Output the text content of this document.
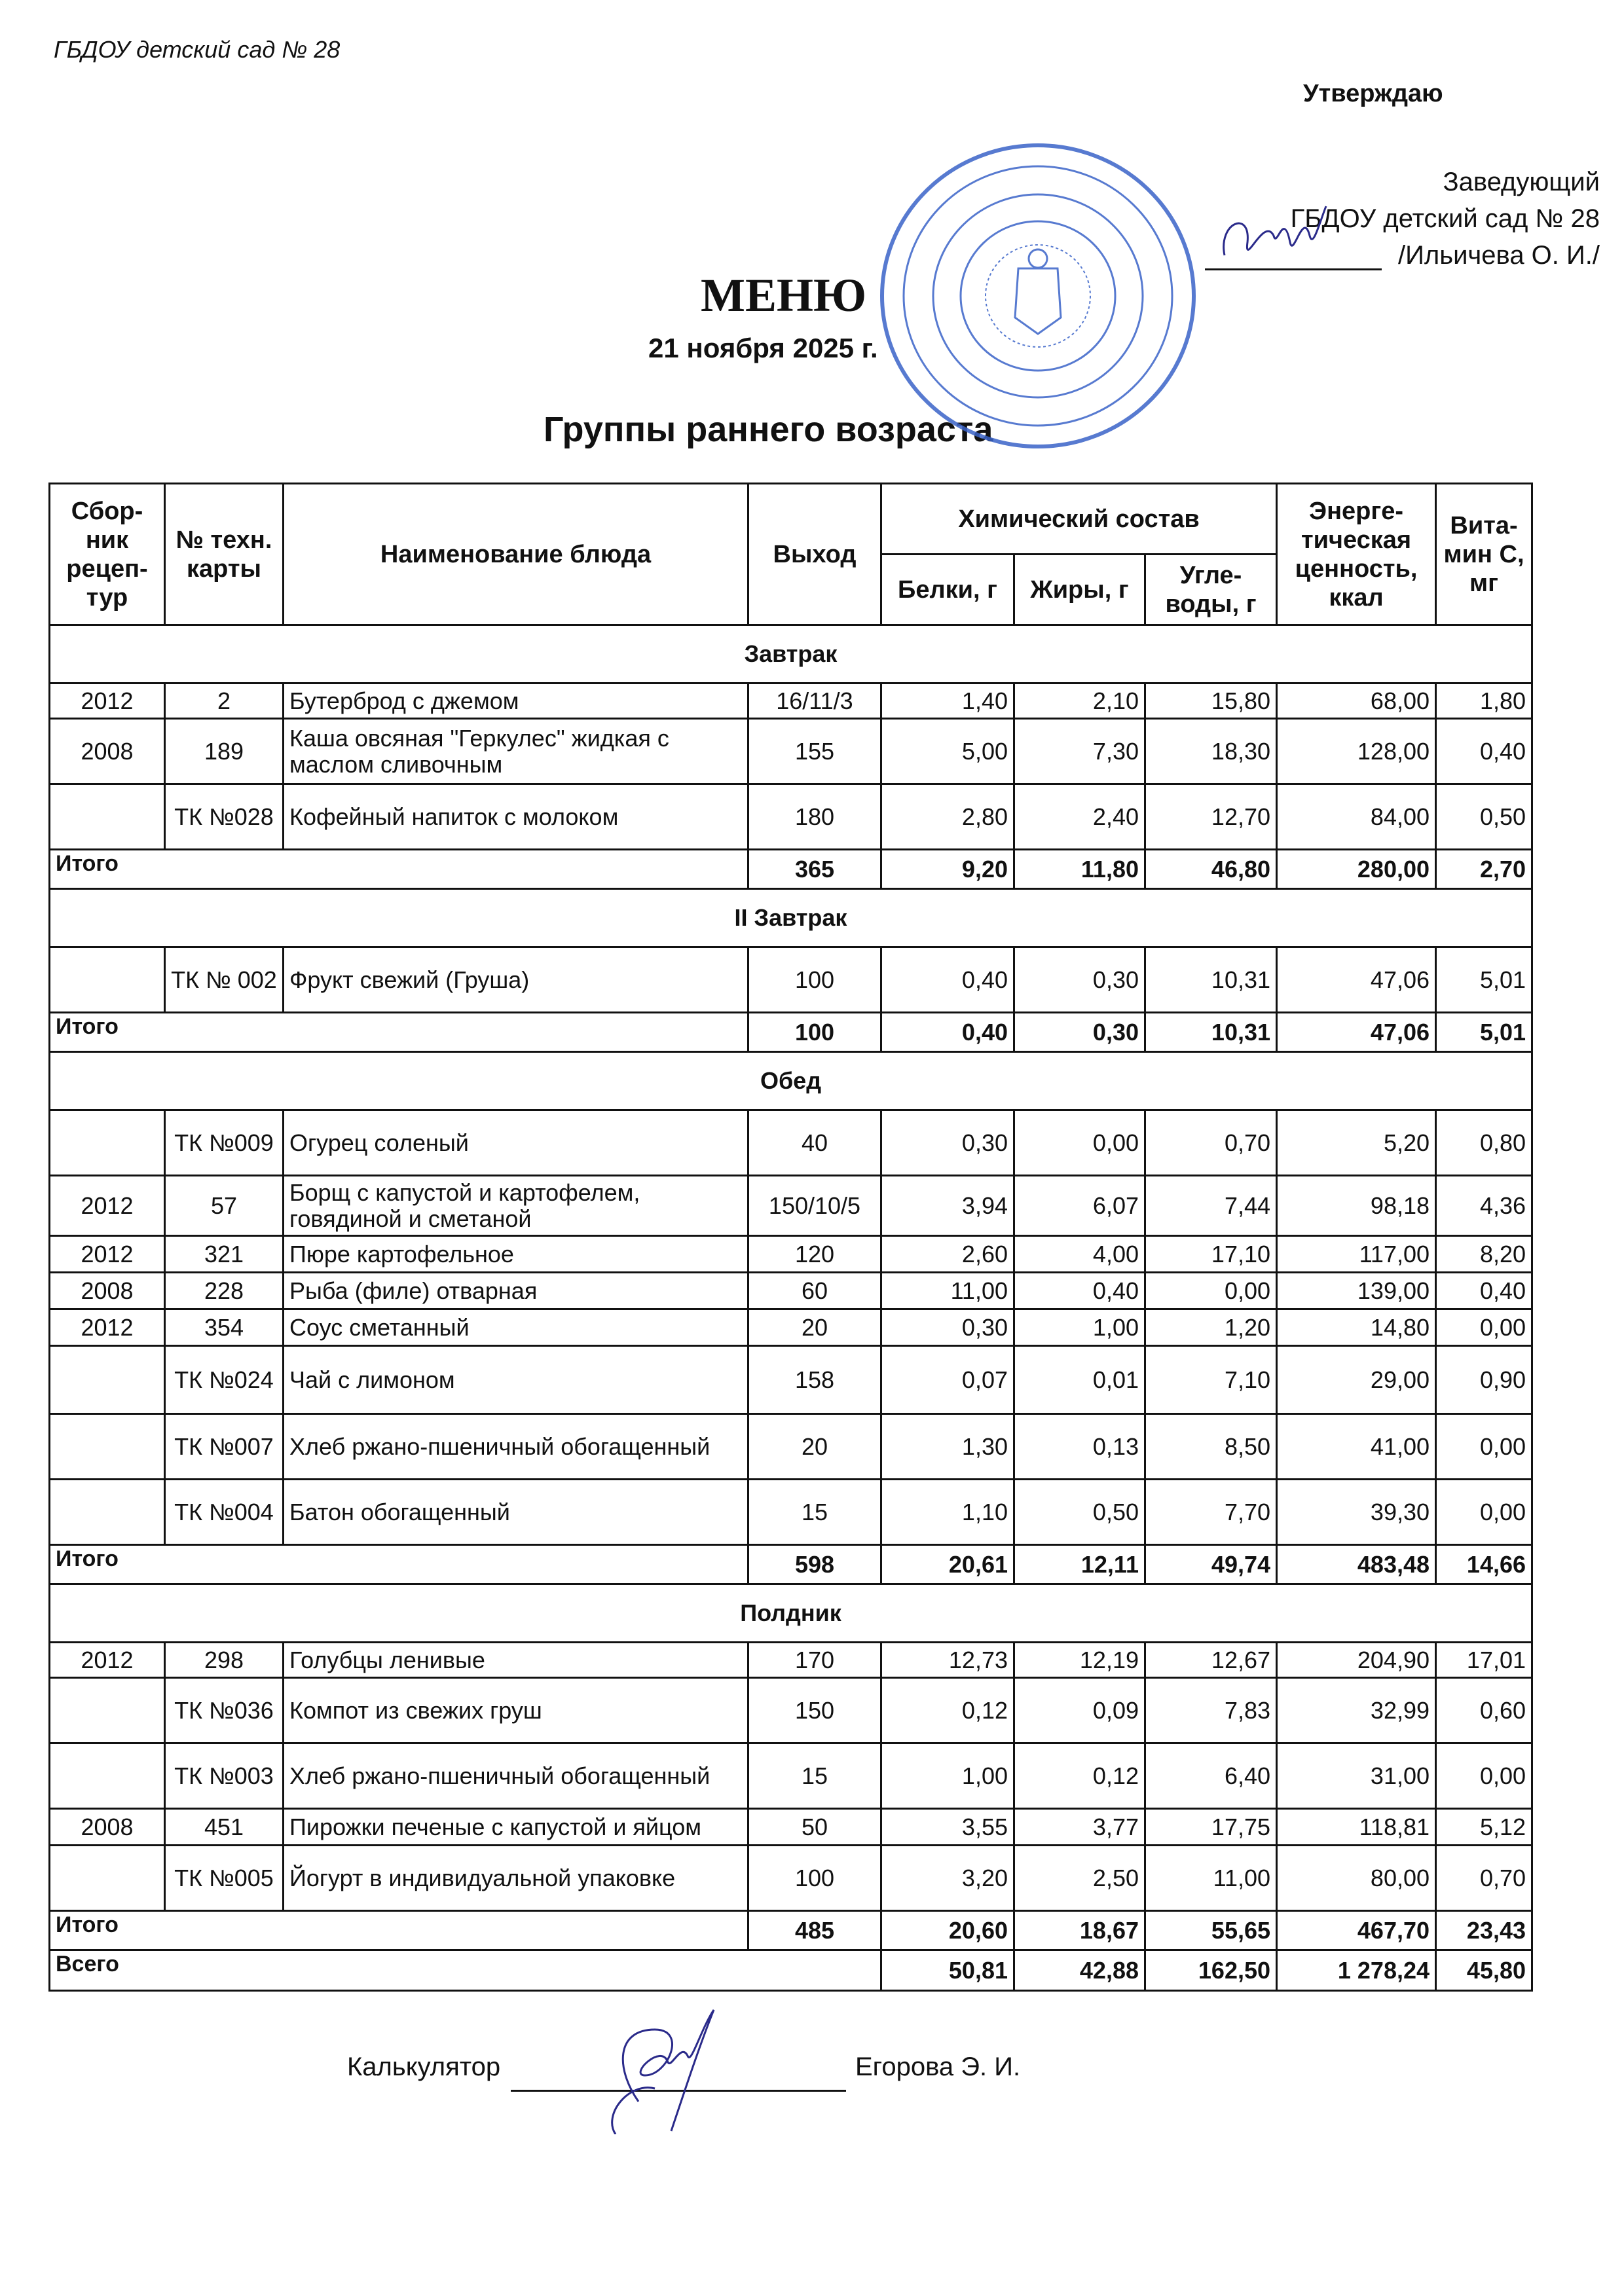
ГБДОУ детский сад № 28
Утверждаю
Заведующий
ГБДОУ детский сад № 28
/Ильичева О. И./
МЕНЮ
21 ноября 2025 г.
Группы раннего возраста
Сбор-ник рецеп-тур	№ техн. карты	Наименование блюда	Выход	Химический состав			Энерге-тическая ценность, ккал	Вита-мин С, мг
				Белки, г	Жиры, г	Угле-воды, г		
Завтрак								
2012	2	Бутерброд с джемом	16/11/3	1,40	2,10	15,80	68,00	1,80
2008	189	Каша овсяная "Геркулес" жидкая с маслом сливочным	155	5,00	7,30	18,30	128,00	0,40
	ТК №028	Кофейный напиток с молоком	180	2,80	2,40	12,70	84,00	0,50
Итого			365	9,20	11,80	46,80	280,00	2,70
II Завтрак								
	ТК № 002	Фрукт свежий (Груша)	100	0,40	0,30	10,31	47,06	5,01
Итого			100	0,40	0,30	10,31	47,06	5,01
Обед								
	ТК №009	Огурец соленый	40	0,30	0,00	0,70	5,20	0,80
2012	57	Борщ с капустой и картофелем, говядиной и сметаной	150/10/5	3,94	6,07	7,44	98,18	4,36
2012	321	Пюре картофельное	120	2,60	4,00	17,10	117,00	8,20
2008	228	Рыба (филе) отварная	60	11,00	0,40	0,00	139,00	0,40
2012	354	Соус сметанный	20	0,30	1,00	1,20	14,80	0,00
	ТК №024	Чай с лимоном	158	0,07	0,01	7,10	29,00	0,90
	ТК №007	Хлеб ржано-пшеничный обогащенный	20	1,30	0,13	8,50	41,00	0,00
	ТК №004	Батон обогащенный	15	1,10	0,50	7,70	39,30	0,00
Итого			598	20,61	12,11	49,74	483,48	14,66
Полдник								
2012	298	Голубцы ленивые	170	12,73	12,19	12,67	204,90	17,01
	ТК №036	Компот из свежих груш	150	0,12	0,09	7,83	32,99	0,60
	ТК №003	Хлеб ржано-пшеничный обогащенный	15	1,00	0,12	6,40	31,00	0,00
2008	451	Пирожки печеные с капустой и яйцом	50	3,55	3,77	17,75	118,81	5,12
	ТК №005	Йогурт в индивидуальной упаковке	100	3,20	2,50	11,00	80,00	0,70
Итого			485	20,60	18,67	55,65	467,70	23,43
Всего				50,81	42,88	162,50	1 278,24	45,80
Калькулятор	Егорова Э. И.
